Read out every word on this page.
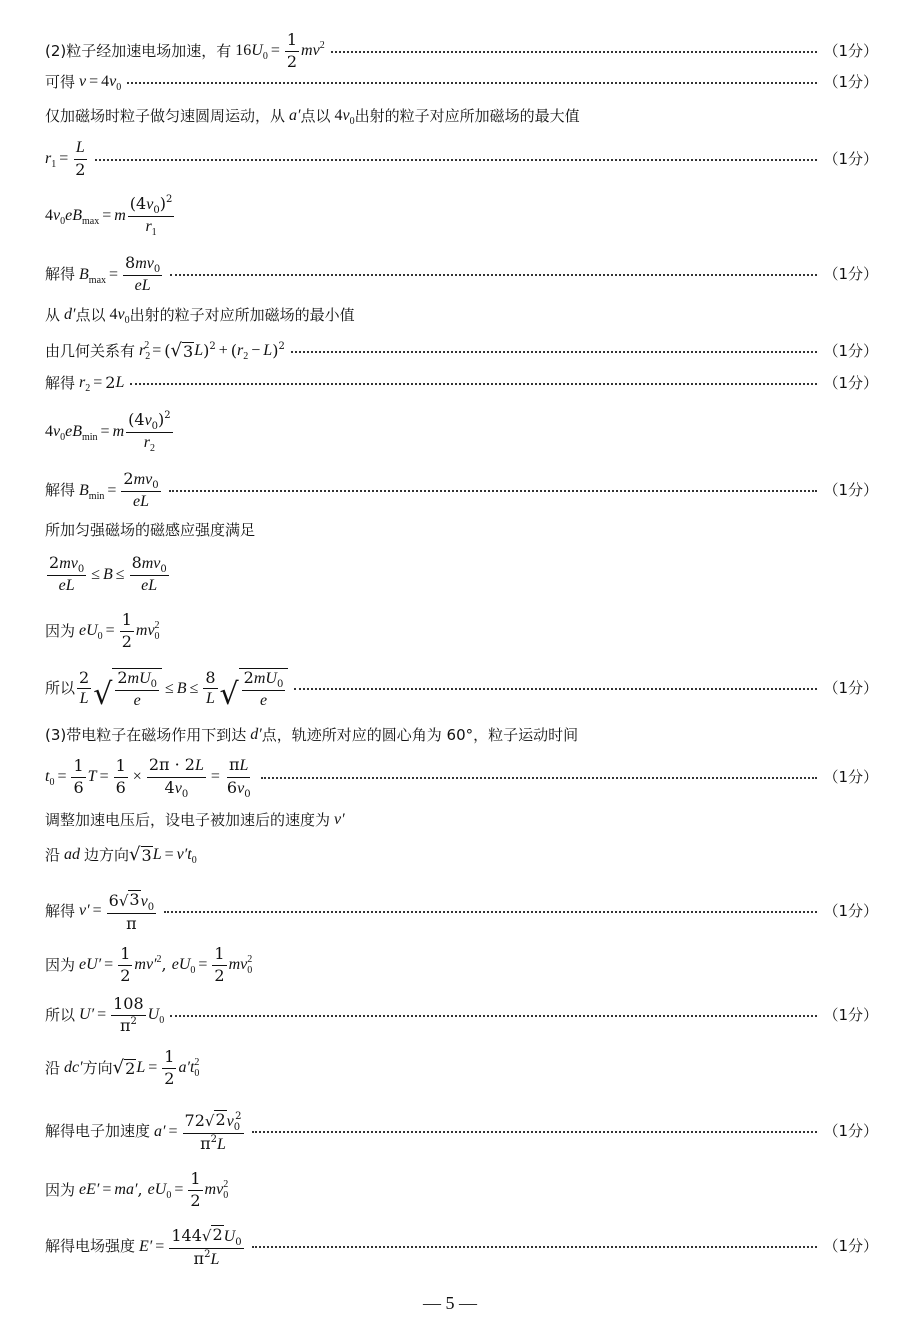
(2)粒子经加速电场加速，有 $16U_0 = \frac{1}{2} mv^2$	（1分）
可得 $v = 4v_0$	（1分）
仅加磁场时粒子做匀速圆周运动，从 a′ 点以 $4v_0$ 出射的粒子对应所加磁场的最大值
$r_1 = \frac{L}{2}$	（1分）
$4v_0eB_{max} = m \frac{(4v_0)^2}{r_1}$
解得 $B_{max} = \frac{8mv_0}{eL}$	（1分）
从 d′ 点以 $4v_0$ 出射的粒子对应所加磁场的最小值
由几何关系有 $r_2^2$ = ( √ 3 L )$^2$ + ( $r_2 - L$ )$^2$	（1分）
解得 $r_2 = 2$ L	（1分）
$4v_0eB_{min} = m \frac{(4v_0)^2}{r_2}$
解得 $B_{min} = \frac{2mv_0}{eL}$	（1分）
所加匀强磁场的磁感应强度满足
$\frac{2mv_0}{eL} \le B \le \frac{8mv_0}{eL}$
因为 $eU_0 = \frac{1}{2} mv_0^2$
所以 $\frac{2}{L}$ √ $\frac{2mU_0}{e} \le B \le \frac{8}{L}$ √ $\frac{2mU_0}{e}$	（1分）
(3)带电粒子在磁场作用下到达 d′ 点，轨迹所对应的圆心角为 60°，粒子运动时间
$t_0 = \frac{1}{6}$ $T = \frac{1}{6} \times \frac{2\pi \cdot 2L}{4v_0} = \frac{\pi L}{6v_0}$	（1分）
调整加速电压后，设电子被加速后的速度为 v′
沿 ad 边方向 √ 3 $L = v't_0$
解得 $v' = \frac{6 √ 3 v_0}{\pi}$	（1分）
因为 $eU' = \frac{1}{2} mv'^2$ , $eU_0 = \frac{1}{2} mv_0^2$
所以 $U' = \frac{108}{\pi^2} U_0$	（1分）
沿 dc′ 方向 √ 2 $L = \frac{1}{2} a't_0^2$
解得电子加速度 $a' = \frac{72 √ 2 v_0^2}{\pi^2L}$	（1分）
因为 eE′ = ma′ , $eU_0 = \frac{1}{2} mv_0^2$
解得电场强度 $E' = \frac{144 √ 2 U_0}{\pi^2L}$	（1分）
— 5 —
